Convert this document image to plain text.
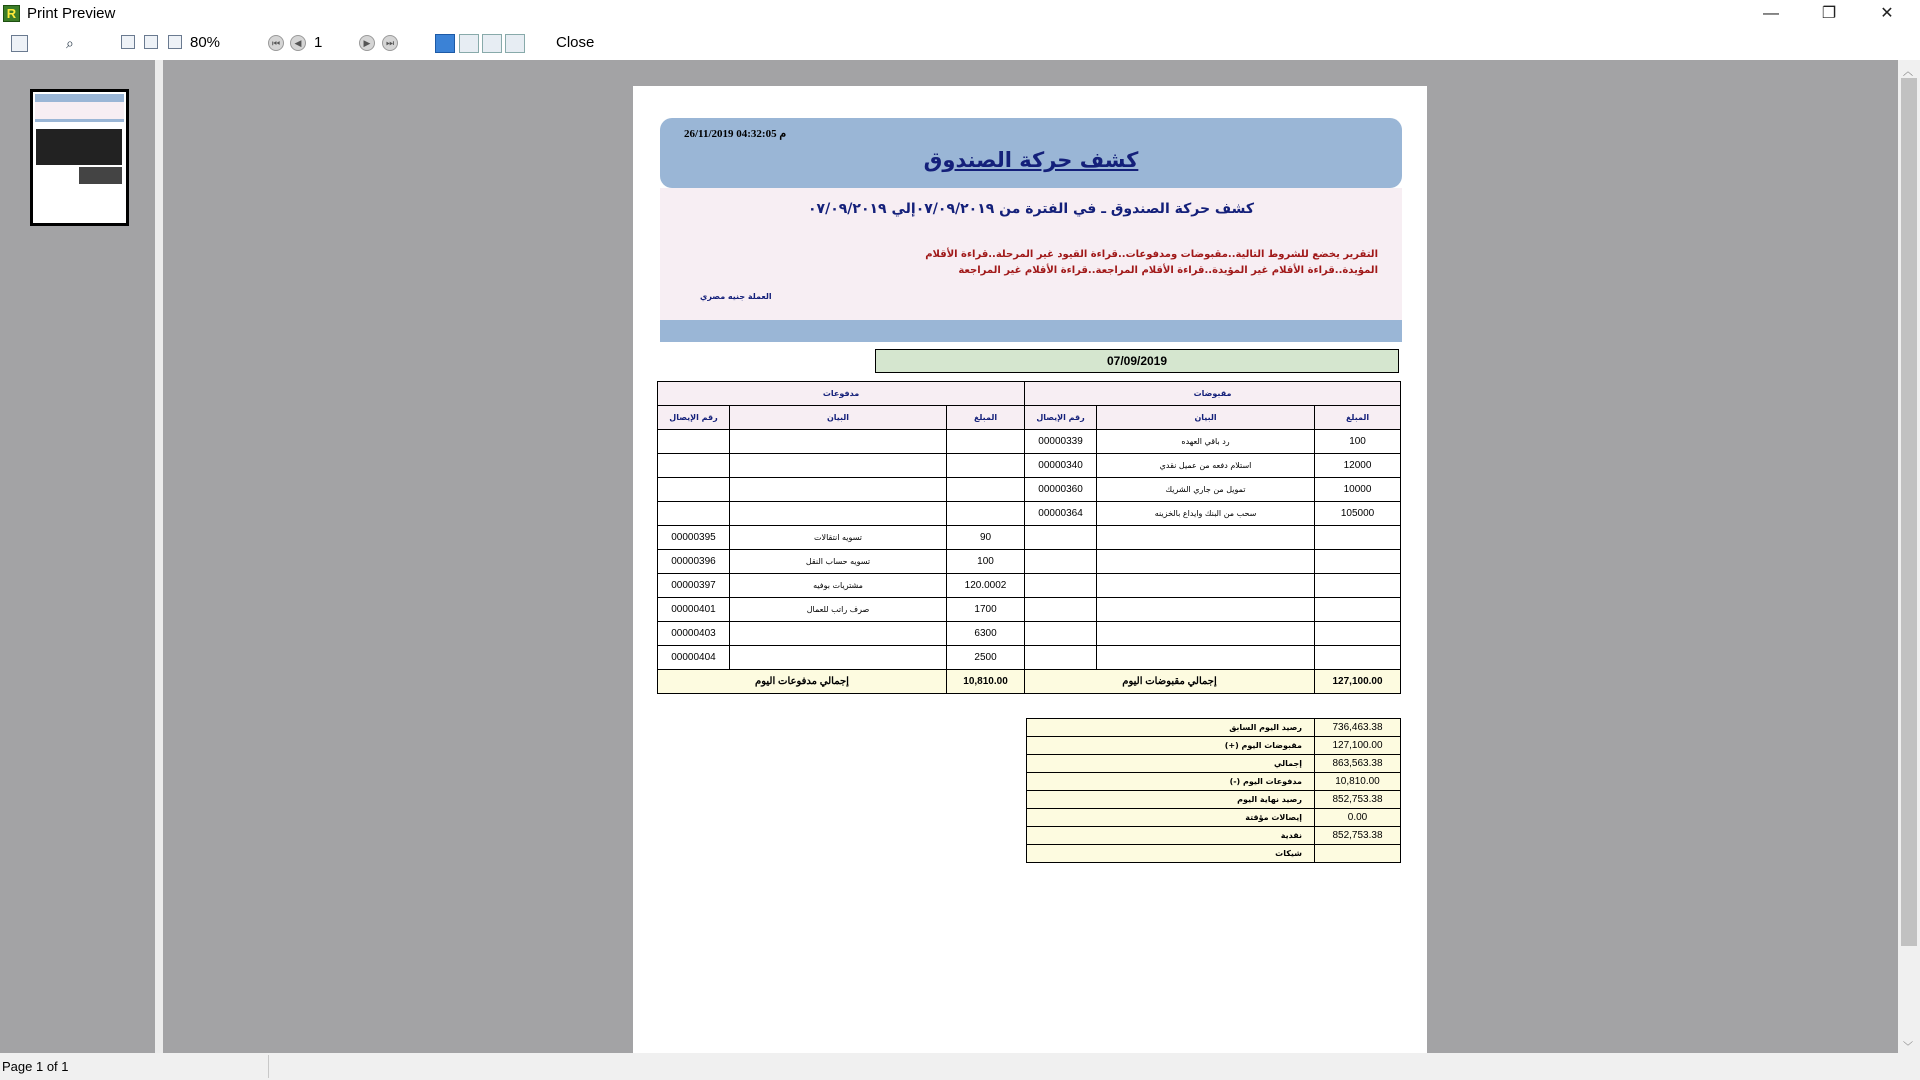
R Print Preview	—	❐	✕
⌕	⏮	◀	▶	⏭
80%	1	Close
26/11/2019 04:32:05 م
كشف حركة الصندوق
كشف حركة الصندوق ـ في الفترة من ٠٧/٠٩/٢٠١٩إلي ٠٧/٠٩/٢٠١٩
التقرير يخضع للشروط التالية..مقبوضات ومدفوعات..قراءة القيود غير المرحلة..قراءة الأقلام المؤيدة..قراءة الأقلام غير المؤيدة..قراءة الأقلام المراجعة..قراءة الأقلام غير المراجعة
العملة جنيه مصري
07/09/2019
مدفوعات			مقبوضات		
رقم الإيصال	البيان	المبلغ	رقم الإيصال	البيان	المبلغ
			00000339	رد باقي العهده	100
			00000340	استلام دفعه من عميل نقدي	12000
			00000360	تمويل من جاري الشريك	10000
			00000364	سحب من البنك وايداع بالخزينه	105000
00000395	تسويه انتقالات	90			
00000396	تسويه حساب النقل	100			
00000397	مشتريات بوفيه	120.0002			
00000401	صرف راتب للعمال	1700			
00000403		6300			
00000404		2500			
إجمالي مدفوعات اليوم		10,810.00	إجمالي مقبوضات اليوم		127,100.00
رصيد اليوم السابق	736,463.38
مقبوضات اليوم (+)	127,100.00
إجمالي	863,563.38
مدفوعات اليوم (-)	10,810.00
رصيد نهاية اليوم	852,753.38
إيصالات مؤقتة	0.00
نقدية	852,753.38
شيكات	
︿
﹀
Page 1 of 1
